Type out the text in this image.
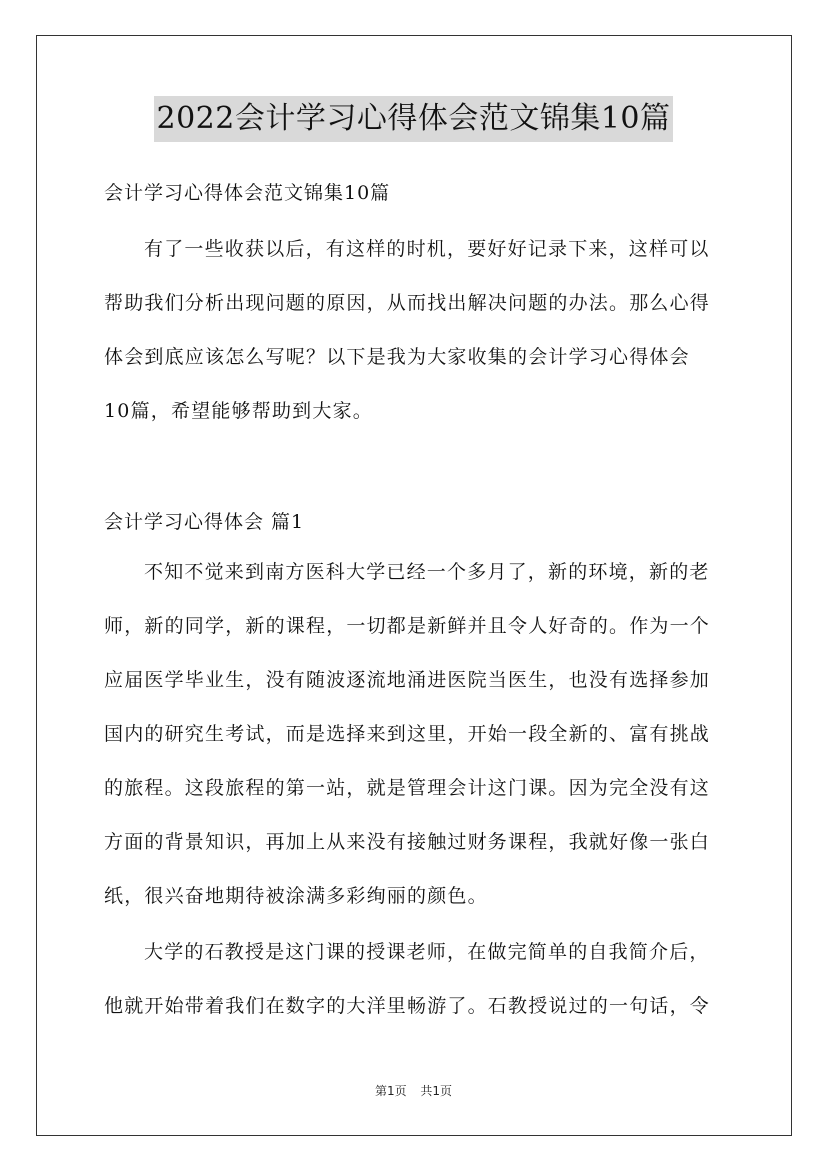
2022会计学习心得体会范文锦集10篇
会计学习心得体会范文锦集10篇
有了一些收获以后，有这样的时机，要好好记录下来，这样可以
帮助我们分析出现问题的原因，从而找出解决问题的办法。那么心得
体会到底应该怎么写呢？以下是我为大家收集的会计学习心得体会
10篇，希望能够帮助到大家。
会计学习心得体会 篇1
不知不觉来到南方医科大学已经一个多月了，新的环境，新的老
师，新的同学，新的课程，一切都是新鲜并且令人好奇的。作为一个
应届医学毕业生，没有随波逐流地涌进医院当医生，也没有选择参加
国内的研究生考试，而是选择来到这里，开始一段全新的、富有挑战
的旅程。这段旅程的第一站，就是管理会计这门课。因为完全没有这
方面的背景知识，再加上从来没有接触过财务课程，我就好像一张白
纸，很兴奋地期待被涂满多彩绚丽的颜色。
大学的石教授是这门课的授课老师，在做完简单的自我简介后，
他就开始带着我们在数字的大洋里畅游了。石教授说过的一句话，令
第1页 共1页
